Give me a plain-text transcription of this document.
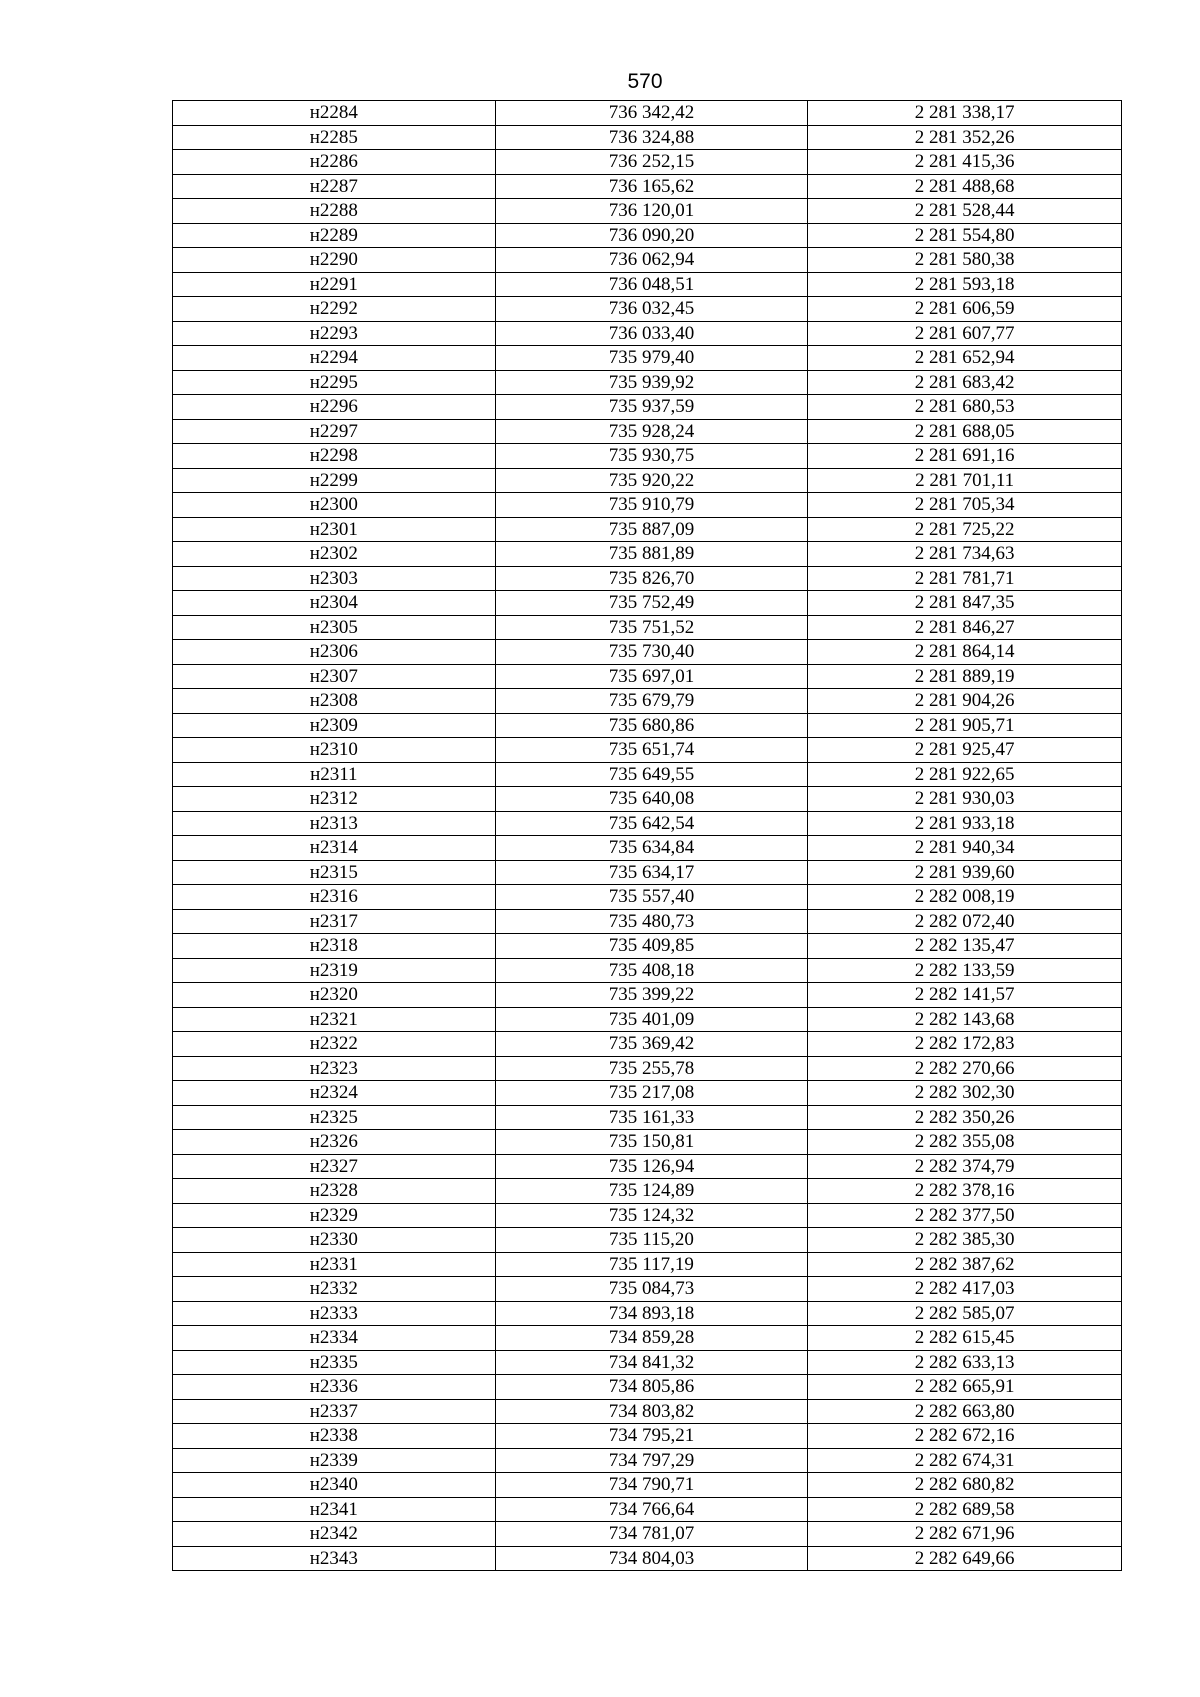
570
н2284	736 342,42	2 281 338,17
н2285	736 324,88	2 281 352,26
н2286	736 252,15	2 281 415,36
н2287	736 165,62	2 281 488,68
н2288	736 120,01	2 281 528,44
н2289	736 090,20	2 281 554,80
н2290	736 062,94	2 281 580,38
н2291	736 048,51	2 281 593,18
н2292	736 032,45	2 281 606,59
н2293	736 033,40	2 281 607,77
н2294	735 979,40	2 281 652,94
н2295	735 939,92	2 281 683,42
н2296	735 937,59	2 281 680,53
н2297	735 928,24	2 281 688,05
н2298	735 930,75	2 281 691,16
н2299	735 920,22	2 281 701,11
н2300	735 910,79	2 281 705,34
н2301	735 887,09	2 281 725,22
н2302	735 881,89	2 281 734,63
н2303	735 826,70	2 281 781,71
н2304	735 752,49	2 281 847,35
н2305	735 751,52	2 281 846,27
н2306	735 730,40	2 281 864,14
н2307	735 697,01	2 281 889,19
н2308	735 679,79	2 281 904,26
н2309	735 680,86	2 281 905,71
н2310	735 651,74	2 281 925,47
н2311	735 649,55	2 281 922,65
н2312	735 640,08	2 281 930,03
н2313	735 642,54	2 281 933,18
н2314	735 634,84	2 281 940,34
н2315	735 634,17	2 281 939,60
н2316	735 557,40	2 282 008,19
н2317	735 480,73	2 282 072,40
н2318	735 409,85	2 282 135,47
н2319	735 408,18	2 282 133,59
н2320	735 399,22	2 282 141,57
н2321	735 401,09	2 282 143,68
н2322	735 369,42	2 282 172,83
н2323	735 255,78	2 282 270,66
н2324	735 217,08	2 282 302,30
н2325	735 161,33	2 282 350,26
н2326	735 150,81	2 282 355,08
н2327	735 126,94	2 282 374,79
н2328	735 124,89	2 282 378,16
н2329	735 124,32	2 282 377,50
н2330	735 115,20	2 282 385,30
н2331	735 117,19	2 282 387,62
н2332	735 084,73	2 282 417,03
н2333	734 893,18	2 282 585,07
н2334	734 859,28	2 282 615,45
н2335	734 841,32	2 282 633,13
н2336	734 805,86	2 282 665,91
н2337	734 803,82	2 282 663,80
н2338	734 795,21	2 282 672,16
н2339	734 797,29	2 282 674,31
н2340	734 790,71	2 282 680,82
н2341	734 766,64	2 282 689,58
н2342	734 781,07	2 282 671,96
н2343	734 804,03	2 282 649,66
